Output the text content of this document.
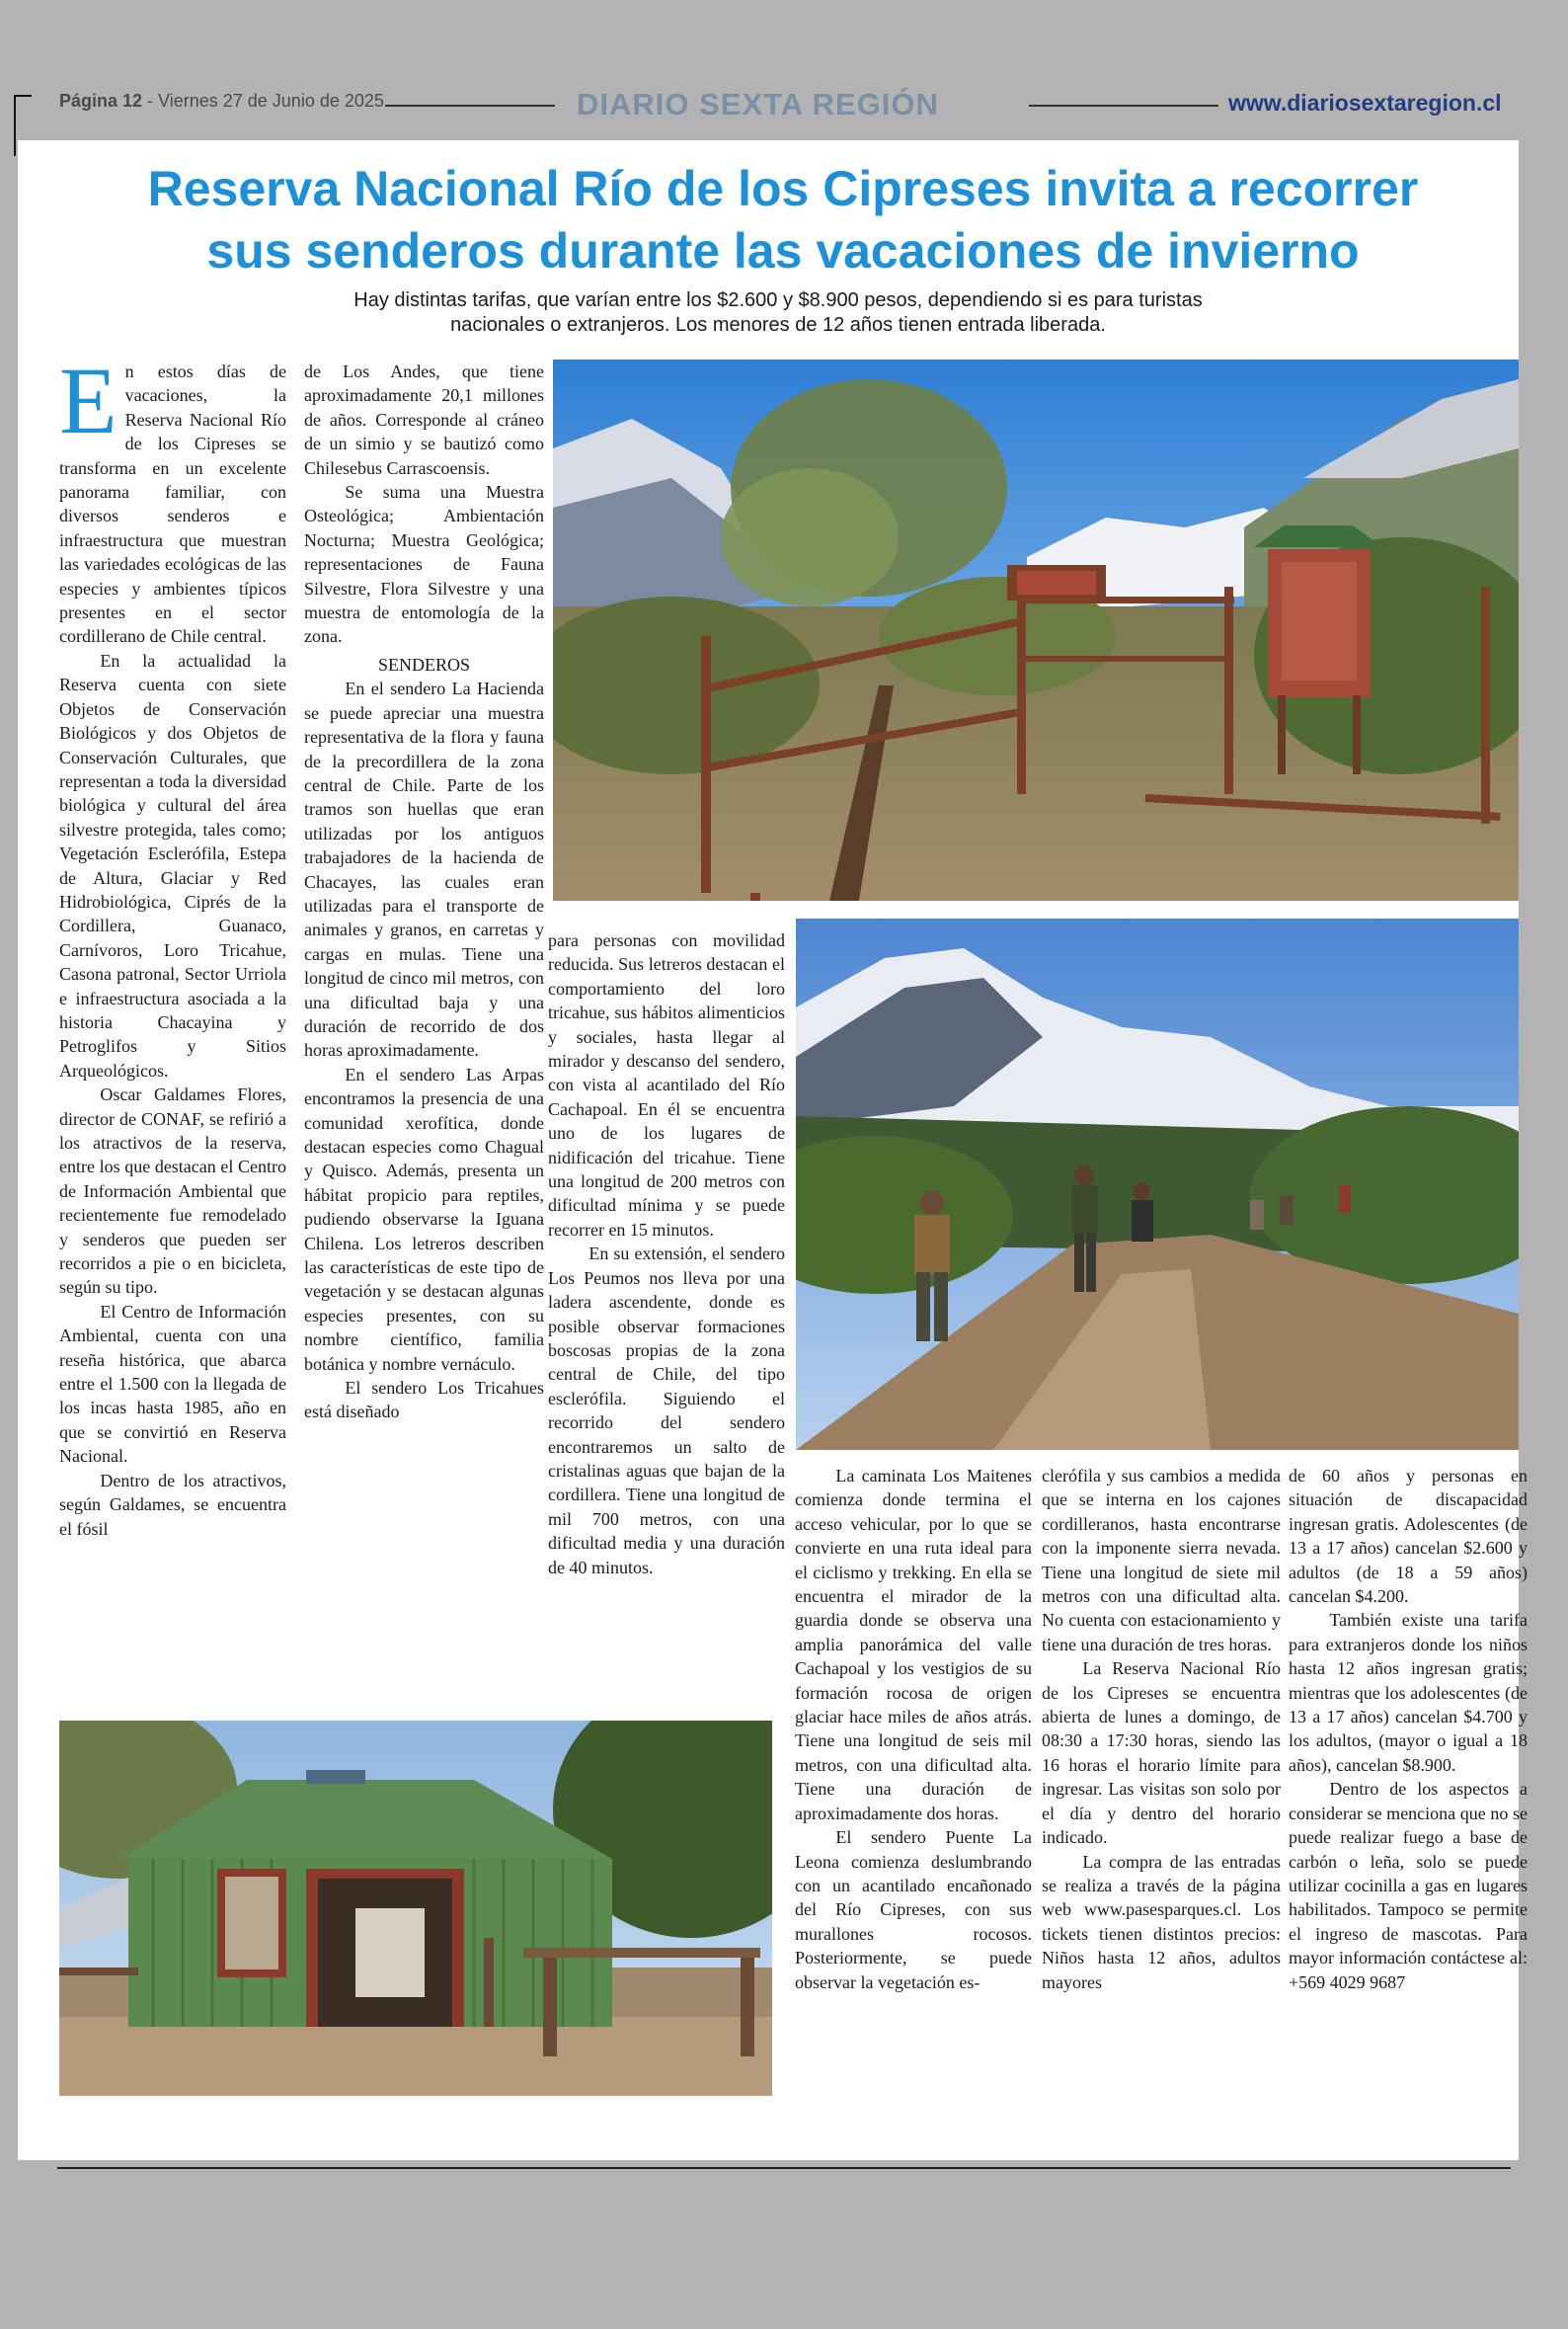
Página 12 - Viernes 27 de Junio de 2025	DIARIO SEXTA REGIÓN	www.diariosextaregion.cl
Reserva Nacional Río de los Cipreses invita a recorrer
sus senderos durante las vacaciones de invierno
Hay distintas tarifas, que varían entre los $2.600 y $8.900 pesos, dependiendo si es para turistas
nacionales o extranjeros. Los menores de 12 años tienen entrada liberada.

En estos días de vacaciones, la Reserva Nacional Río de los Cipreses se transforma en un excelente panorama familiar, con diversos senderos e infraestructura que muestran las variedades ecológicas de las especies y ambientes típicos presentes en el sector cordillerano de Chile central.

En la actualidad la Reserva cuenta con siete Objetos de Conservación Biológicos y dos Objetos de Conservación Culturales, que representan a toda la diversidad biológica y cultural del área silvestre protegida, tales como; Vegetación Esclerófila, Estepa de Altura, Glaciar y Red Hidrobiológica, Ciprés de la Cordillera, Guanaco, Carnívoros, Loro Tricahue, Casona patronal, Sector Urriola e infraestructura asociada a la historia Chacayina y Petroglifos y Sitios Arqueológicos.

Oscar Galdames Flores, director de CONAF, se refirió a los atractivos de la reserva, entre los que destacan el Centro de Información Ambiental que recientemente fue remodelado y senderos que pueden ser recorridos a pie o en bicicleta, según su tipo.

El Centro de Información Ambiental, cuenta con una reseña histórica, que abarca entre el 1.500 con la llegada de los incas hasta 1985, año en que se convirtió en Reserva Nacional.

Dentro de los atractivos, según Galdames, se encuentra el fósil

de Los Andes, que tiene aproximadamente 20,1 millones de años. Corresponde al cráneo de un simio y se bautizó como Chilesebus Carrascoensis.

Se suma una Muestra Osteológica; Ambientación Nocturna; Muestra Geológica; representaciones de Fauna Silvestre, Flora Silvestre y una muestra de entomología de la zona.

SENDEROS

En el sendero La Hacienda se puede apreciar una muestra representativa de la flora y fauna de la precordillera de la zona central de Chile. Parte de los tramos son huellas que eran utilizadas por los antiguos trabajadores de la hacienda de Chacayes, las cuales eran utilizadas para el transporte de animales y granos, en carretas y cargas en mulas. Tiene una longitud de cinco mil metros, con una dificultad baja y una duración de recorrido de dos horas aproximadamente.

En el sendero Las Arpas encontramos la presencia de una comunidad xerofítica, donde destacan especies como Chagual y Quisco. Además, presenta un hábitat propicio para reptiles, pudiendo observarse la Iguana Chilena. Los letreros describen las características de este tipo de vegetación y se destacan algunas especies presentes, con su nombre científico, familia botánica y nombre vernáculo.

El sendero Los Tricahues está diseñado

para personas con movilidad reducida. Sus letreros destacan el comportamiento del loro tricahue, sus hábitos alimenticios y sociales, hasta llegar al mirador y descanso del sendero, con vista al acantilado del Río Cachapoal. En él se encuentra uno de los lugares de nidificación del tricahue. Tiene una longitud de 200 metros con dificultad mínima y se puede recorrer en 15 minutos.

En su extensión, el sendero Los Peumos nos lleva por una ladera ascendente, donde es posible observar formaciones boscosas propias de la zona central de Chile, del tipo esclerófila. Siguiendo el recorrido del sendero encontraremos un salto de cristalinas aguas que bajan de la cordillera. Tiene una longitud de mil 700 metros, con una dificultad media y una duración de 40 minutos.

La caminata Los Maitenes comienza donde termina el acceso vehicular, por lo que se convierte en una ruta ideal para el ciclismo y trekking. En ella se encuentra el mirador de la guardia donde se observa una amplia panorámica del valle Cachapoal y los vestigios de su formación rocosa de origen glaciar hace miles de años atrás. Tiene una longitud de seis mil metros, con una dificultad alta. Tiene una duración de aproximadamente dos horas.

El sendero Puente La Leona comienza deslumbrando con un acantilado encañonado del Río Cipreses, con sus murallones rocosos. Posteriormente, se puede observar la vegetación es-

clerófila y sus cambios a medida que se interna en los cajones cordilleranos, hasta encontrarse con la imponente sierra nevada. Tiene una longitud de siete mil metros con una dificultad alta. No cuenta con estacionamiento y tiene una duración de tres horas.

La Reserva Nacional Río de los Cipreses se encuentra abierta de lunes a domingo, de 08:30 a 17:30 horas, siendo las 16 horas el horario límite para ingresar. Las visitas son solo por el día y dentro del horario indicado.

La compra de las entradas se realiza a través de la página web www.pasesparques.cl. Los tickets tienen distintos precios: Niños hasta 12 años, adultos mayores

de 60 años y personas en situación de discapacidad ingresan gratis. Adolescentes (de 13 a 17 años) cancelan $2.600 y adultos (de 18 a 59 años) cancelan $4.200.

También existe una tarifa para extranjeros donde los niños hasta 12 años ingresan gratis; mientras que los adolescentes (de 13 a 17 años) cancelan $4.700 y los adultos, (mayor o igual a 18 años), cancelan $8.900.

Dentro de los aspectos a considerar se menciona que no se puede realizar fuego a base de carbón o leña, solo se puede utilizar cocinilla a gas en lugares habilitados. Tampoco se permite el ingreso de mascotas. Para mayor información contáctese al: +569 4029 9687
